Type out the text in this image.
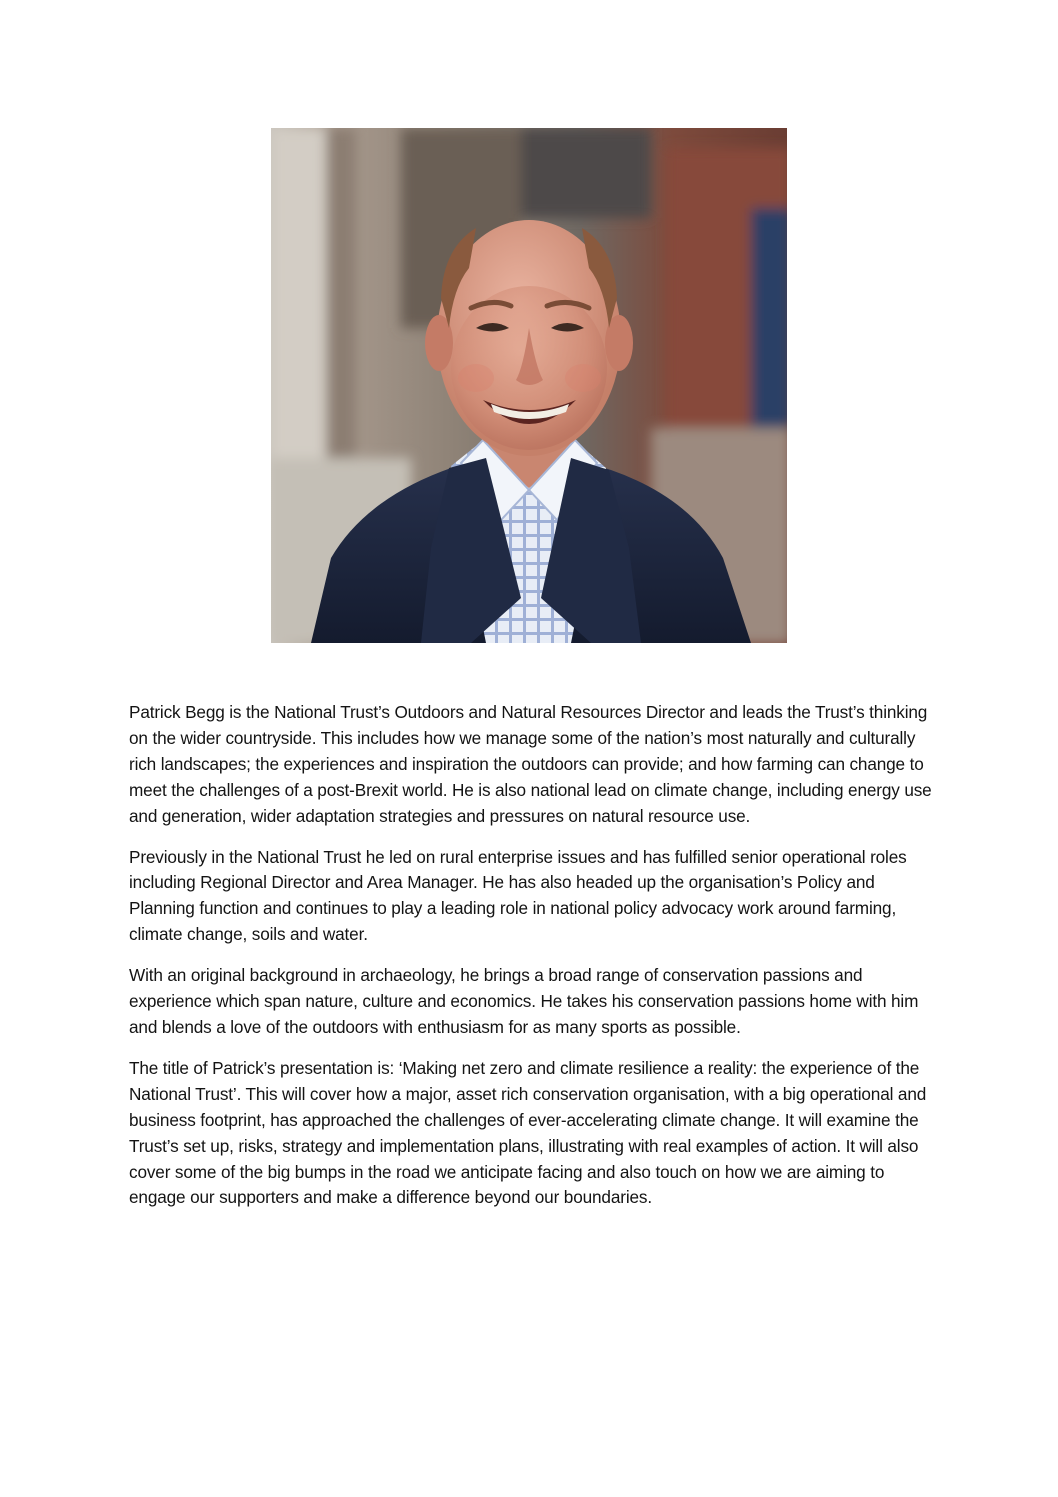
Patrick Begg is the National Trust’s Outdoors and Natural Resources Director and leads the Trust’s thinking on the wider countryside. This includes how we manage some of the nation’s most naturally and culturally rich landscapes; the experiences and inspiration the outdoors can provide; and how farming can change to meet the challenges of a post-Brexit world. He is also national lead on climate change, including energy use and generation, wider adaptation strategies and pressures on natural resource use.

Previously in the National Trust he led on rural enterprise issues and has fulfilled senior operational roles including Regional Director and Area Manager. He has also headed up the organisation’s Policy and Planning function and continues to play a leading role in national policy advocacy work around farming, climate change, soils and water.

With an original background in archaeology, he brings a broad range of conservation passions and experience which span nature, culture and economics. He takes his conservation passions home with him and blends a love of the outdoors with enthusiasm for as many sports as possible.

The title of Patrick’s presentation is: ‘Making net zero and climate resilience a reality: the experience of the National Trust’. This will cover how a major, asset rich conservation organisation, with a big operational and business footprint, has approached the challenges of ever-accelerating climate change. It will examine the Trust’s set up, risks, strategy and implementation plans, illustrating with real examples of action. It will also cover some of the big bumps in the road we anticipate facing and also touch on how we are aiming to engage our supporters and make a difference beyond our boundaries.
